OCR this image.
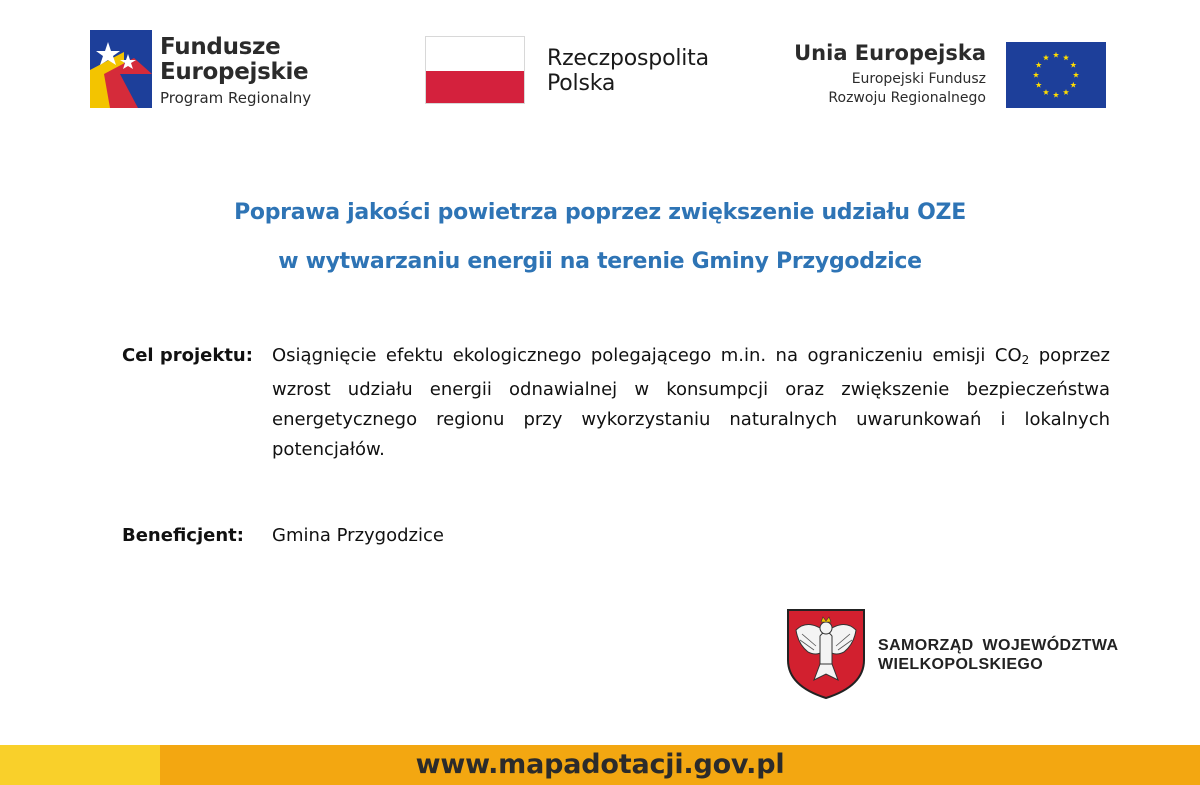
Fundusze
Europejskie
Program Regionalny
Rzeczpospolita
Polska
Unia Europejska
Europejski Fundusz
Rozwoju Regionalnego
Poprawa jakości powietrza poprzez zwiększenie udziału OZE
w wytwarzaniu energii na terenie Gminy Przygodzice
Cel projektu: Osiągnięcie efektu ekologicznego polegającego m.in. na ograniczeniu emisji $CO_2$ poprzez
wzrost udziału energii odnawialnej w konsumpcji oraz zwiększenie bezpieczeństwa
energetycznego regionu przy wykorzystaniu naturalnych uwarunkowań i lokalnych
potencjałów.
Beneficjent: Gmina Przygodzice
SAMORZĄD WOJEWÓDZTWA
WIELKOPOLSKIEGO
www.mapadotacji.gov.pl
